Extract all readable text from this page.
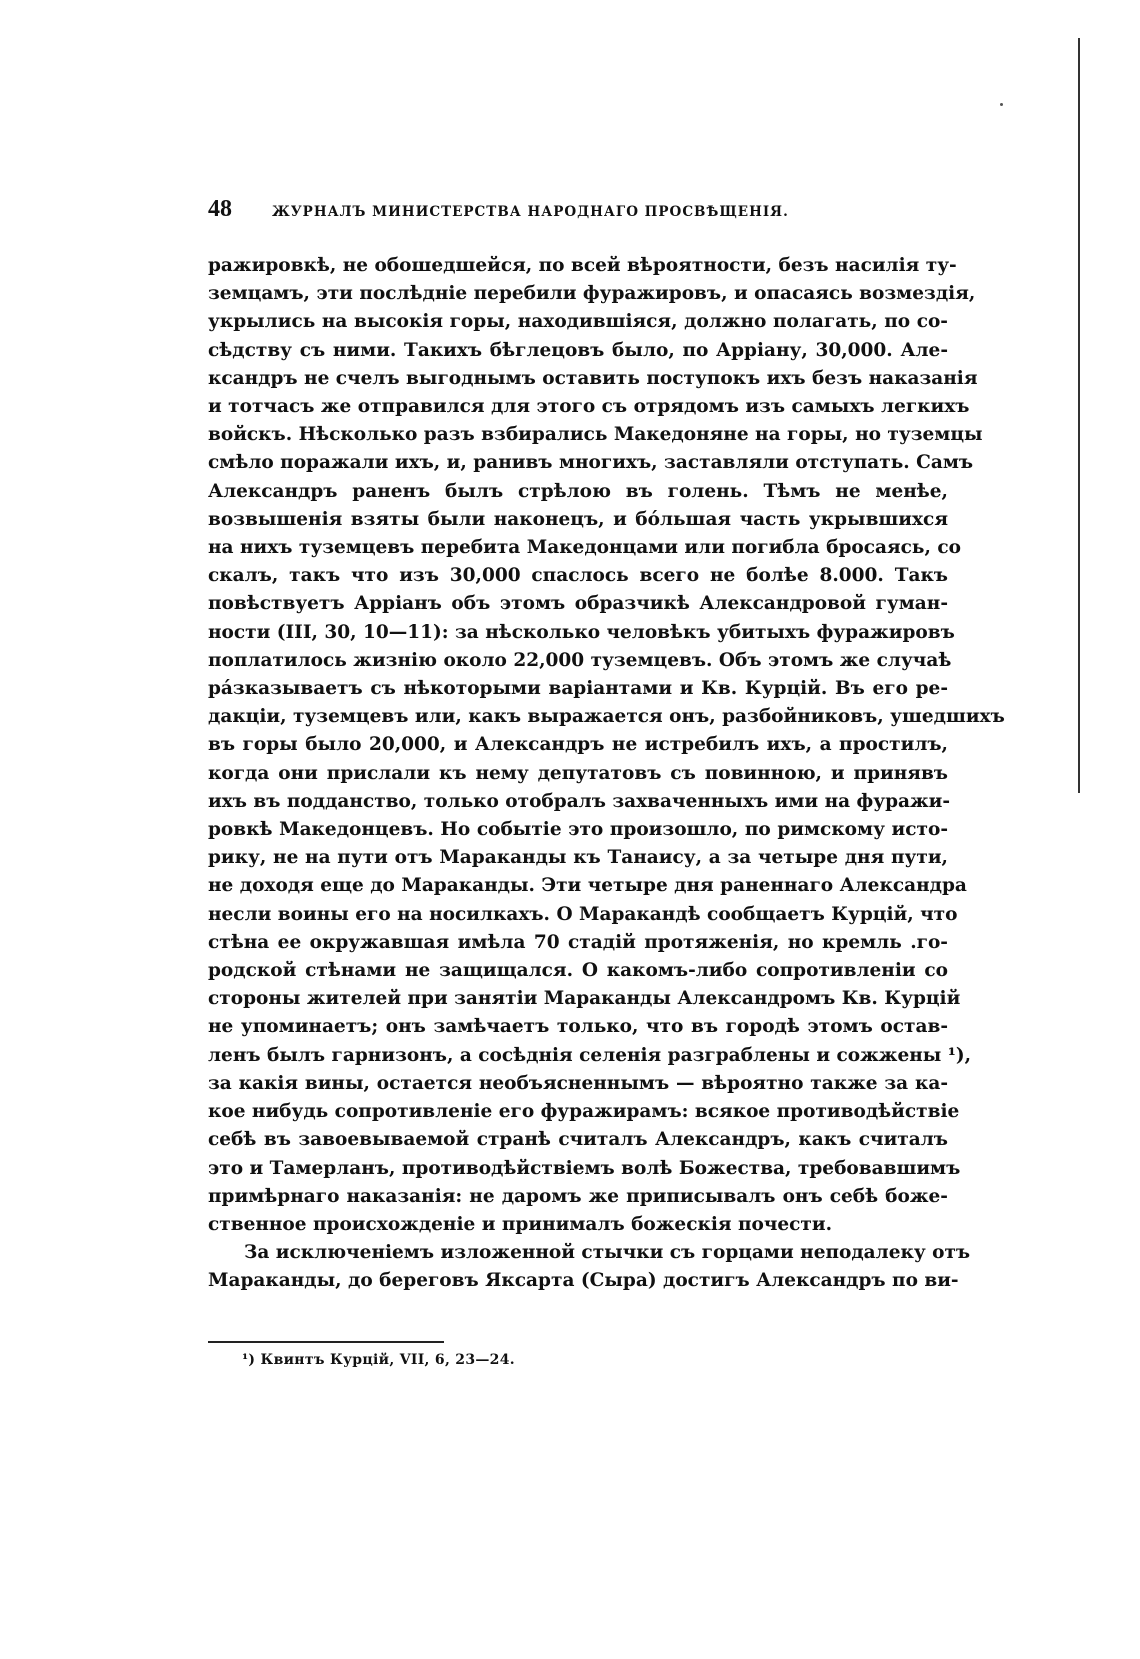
48	ЖУРНАЛЪ МИНИСТЕРСТВА НАРОДНАГО ПРОСВѢЩЕНІЯ.
ражировкѣ, не обошедшейся, по всей вѣроятности, безъ насилія ту-
земцамъ, эти послѣдніе перебили фуражировъ, и опасаясь возмездія,
укрылись на высокія горы, находившіяся, должно полагать, по со-
сѣдству съ ними. Такихъ бѣглецовъ было, по Арріану, 30,000. Але-
ксандръ не счелъ выгоднымъ оставить поступокъ ихъ безъ наказанія
и тотчасъ же отправился для этого съ отрядомъ изъ самыхъ легкихъ
войскъ. Нѣсколько разъ взбирались Македоняне на горы, но туземцы
смѣло поражали ихъ, и, ранивъ многихъ, заставляли отступать. Самъ
Александръ раненъ былъ стрѣлою въ голень. Тѣмъ не менѣе,
возвышенія взяты были наконецъ, и бо́льшая часть укрывшихся
на нихъ туземцевъ перебита Македонцами или погибла бросаясь, со
скалъ, такъ что изъ 30,000 спаслось всего не болѣе 8.000. Такъ
повѣствуетъ Арріанъ объ этомъ образчикѣ Александровой гуман-
ности (III, 30, 10—11): за нѣсколько человѣкъ убитыхъ фуражировъ
поплатилось жизнію около 22,000 туземцевъ. Объ этомъ же случаѣ
ра́зказываетъ съ нѣкоторыми варіантами и Кв. Курцій. Въ его ре-
дакціи, туземцевъ или, какъ выражается онъ, разбойниковъ, ушедшихъ
въ горы было 20,000, и Александръ не истребилъ ихъ, а простилъ,
когда они прислали къ нему депутатовъ съ повинною, и принявъ
ихъ въ подданство, только отобралъ захваченныхъ ими на фуражи-
ровкѣ Македонцевъ. Но событіе это произошло, по римскому исто-
рику, не на пути отъ Мараканды къ Танаису, а за четыре дня пути,
не доходя еще до Мараканды. Эти четыре дня раненнаго Александра
несли воины его на носилкахъ. О Маракандѣ сообщаетъ Курцій, что
стѣна ее окружавшая имѣла 70 стадій протяженія, но кремль .го-
родской стѣнами не защищался. О какомъ-либо сопротивленіи со
стороны жителей при занятіи Мараканды Александромъ Кв. Курцій
не упоминаетъ; онъ замѣчаетъ только, что въ городѣ этомъ остав-
ленъ былъ гарнизонъ, а сосѣднія селенія разграблены и сожжены ¹),
за какія вины, остается необъясненнымъ — вѣроятно также за ка-
кое нибудь сопротивленіе его фуражирамъ: всякое противодѣйствіе
себѣ въ завоевываемой странѣ считалъ Александръ, какъ считалъ
это и Тамерланъ, противодѣйствіемъ волѣ Божества, требовавшимъ
примѣрнаго наказанія: не даромъ же приписывалъ онъ себѣ боже-
ственное происхожденіе и принималъ божескія почести.
За исключеніемъ изложенной стычки съ горцами неподалеку отъ
Мараканды, до береговъ Яксарта (Сыра) достигъ Александръ по ви-
¹) Квинтъ Курцій, VII, 6, 23—24.
